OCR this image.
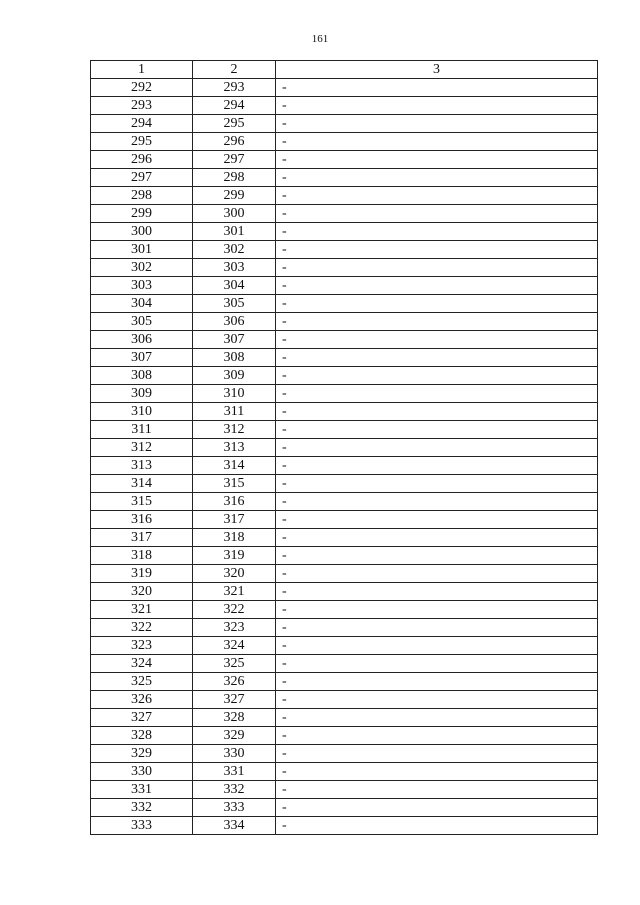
161
1	2	3
292	293	-
293	294	-
294	295	-
295	296	-
296	297	-
297	298	-
298	299	-
299	300	-
300	301	-
301	302	-
302	303	-
303	304	-
304	305	-
305	306	-
306	307	-
307	308	-
308	309	-
309	310	-
310	311	-
311	312	-
312	313	-
313	314	-
314	315	-
315	316	-
316	317	-
317	318	-
318	319	-
319	320	-
320	321	-
321	322	-
322	323	-
323	324	-
324	325	-
325	326	-
326	327	-
327	328	-
328	329	-
329	330	-
330	331	-
331	332	-
332	333	-
333	334	-
